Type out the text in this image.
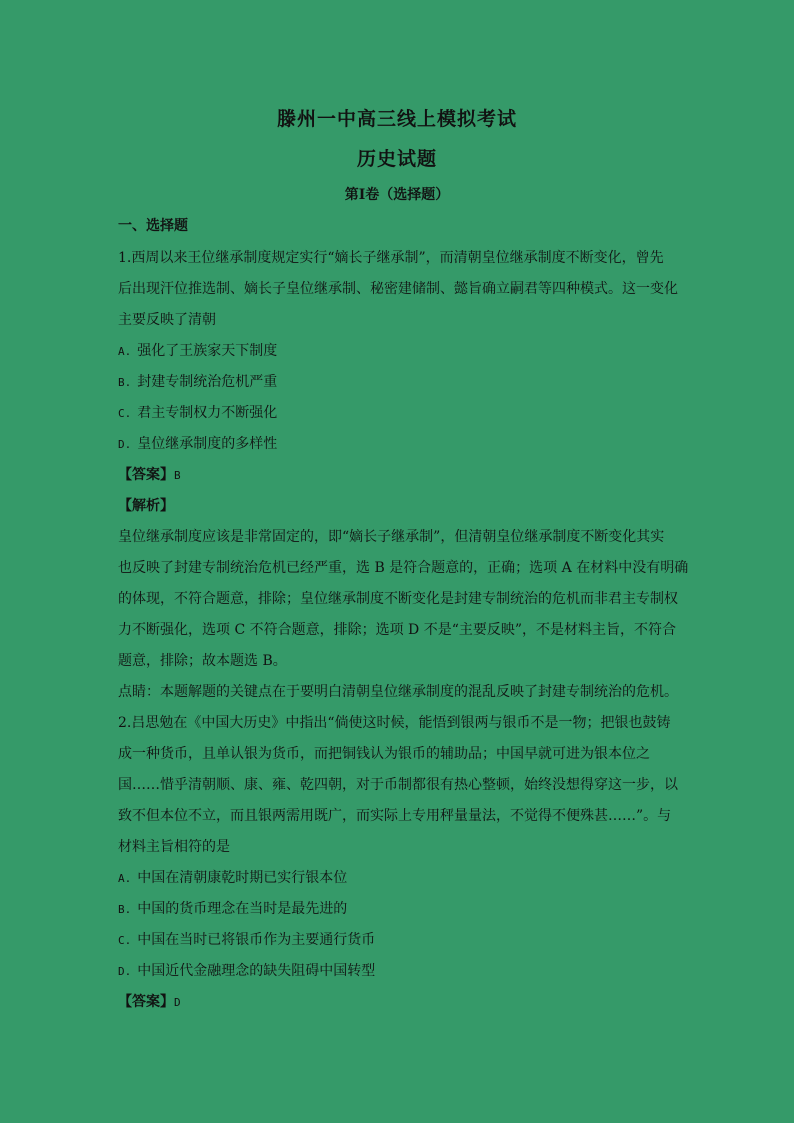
滕州一中高三线上模拟考试
历史试题
第Ⅰ卷（选择题）
一、选择题
1.西周以来王位继承制度规定实行“嫡长子继承制”，而清朝皇位继承制度不断变化，曾先
后出现汗位推选制、嫡长子皇位继承制、秘密建储制、懿旨确立嗣君等四种模式。这一变化
主要反映了清朝
A. 强化了王族家天下制度
B. 封建专制统治危机严重
C. 君主专制权力不断强化
D. 皇位继承制度的多样性
【答案】B
【解析】
皇位继承制度应该是非常固定的，即“嫡长子继承制”，但清朝皇位继承制度不断变化其实
也反映了封建专制统治危机已经严重，选 B 是符合题意的，正确；选项 A 在材料中没有明确
的体现，不符合题意，排除；皇位继承制度不断变化是封建专制统治的危机而非君主专制权
力不断强化，选项 C 不符合题意，排除；选项 D 不是“主要反映”，不是材料主旨，不符合
题意，排除；故本题选 B。
点睛：本题解题的关键点在于要明白清朝皇位继承制度的混乱反映了封建专制统治的危机。
2.吕思勉在《中国大历史》中指出“倘使这时候，能悟到银两与银币不是一物；把银也鼓铸
成一种货币，且单认银为货币，而把铜钱认为银币的辅助品；中国早就可进为银本位之
国……惜乎清朝顺、康、雍、乾四朝，对于币制都很有热心整顿，始终没想得穿这一步，以
致不但本位不立，而且银两需用既广，而实际上专用秤量量法，不觉得不便殊甚……”。与
材料主旨相符的是
A. 中国在清朝康乾时期已实行银本位
B. 中国的货币理念在当时是最先进的
C. 中国在当时已将银币作为主要通行货币
D. 中国近代金融理念的缺失阻碍中国转型
【答案】D
